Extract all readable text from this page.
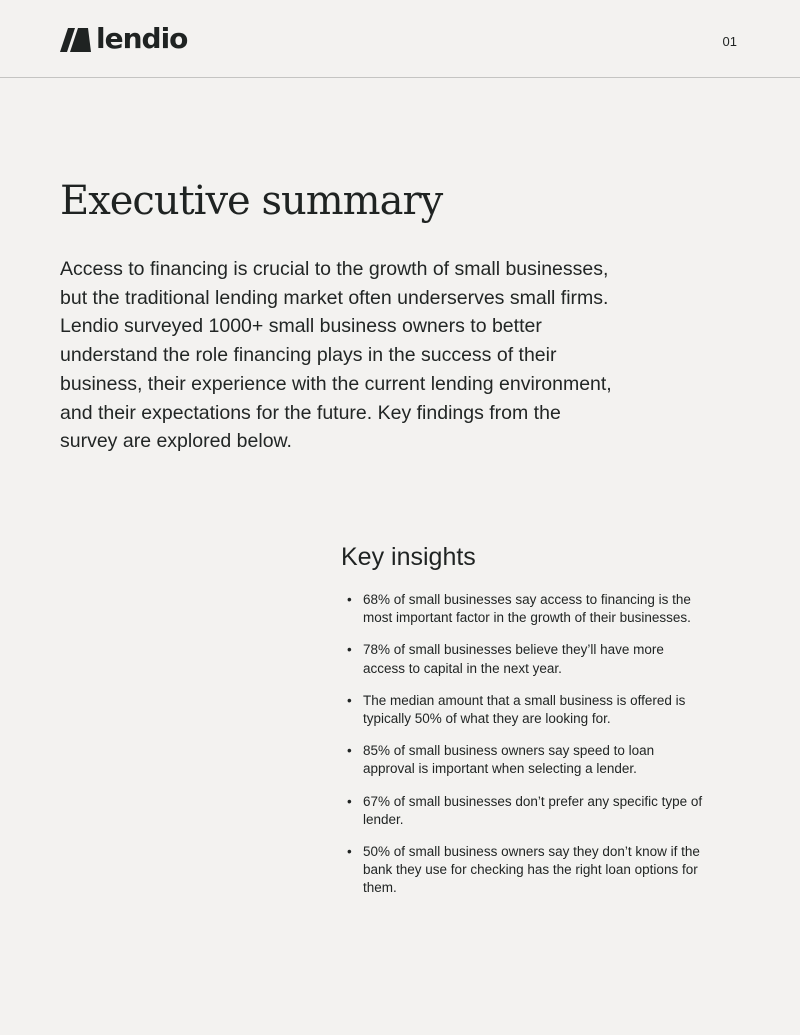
lendio	01
Executive summary

Access to financing is crucial to the growth of small businesses, but the traditional lending market often underserves small firms. Lendio surveyed 1000+ small business owners to better understand the role financing plays in the success of their business, their experience with the current lending environment, and their expectations for the future. Key findings from the survey are explored below.

Key insights
• 68% of small businesses say access to financing is the most important factor in the growth of their businesses.
• 78% of small businesses believe they’ll have more access to capital in the next year.
• The median amount that a small business is offered is typically 50% of what they are looking for.
• 85% of small business owners say speed to loan approval is important when selecting a lender.
• 67% of small businesses don’t prefer any specific type of lender.
• 50% of small business owners say they don’t know if the bank they use for checking has the right loan options for them.
